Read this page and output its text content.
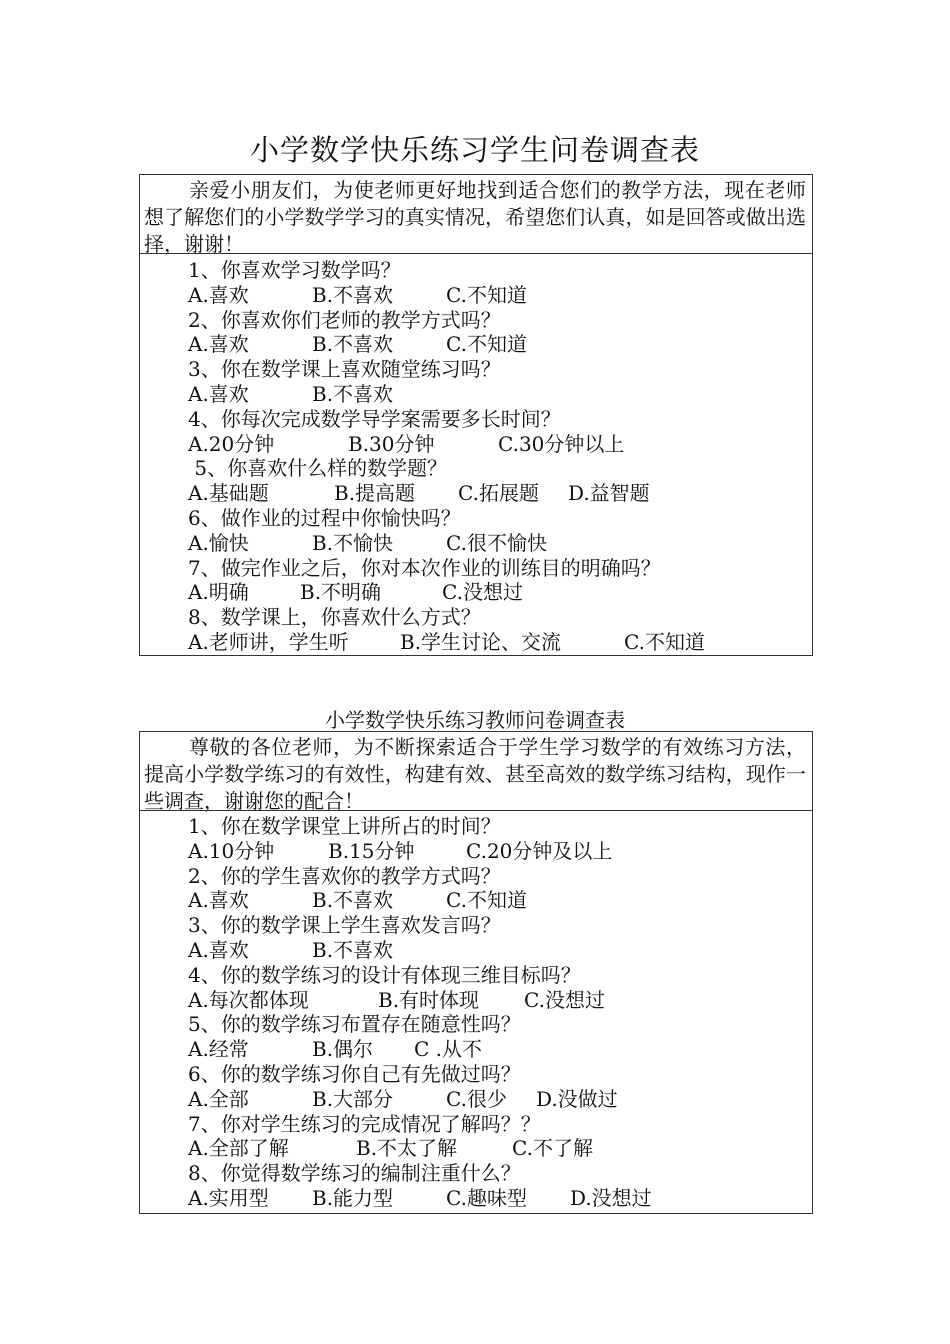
小学数学快乐练习学生问卷调查表
亲爱小朋友们，为使老师更好地找到适合您们的教学方法，现在老师想了解您们的小学数学学习的真实情况，希望您们认真，如是回答或做出选择，谢谢！
1、你喜欢学习数学吗？
A.喜欢	B.不喜欢	C.不知道
2、你喜欢你们老师的教学方式吗？
A.喜欢	B.不喜欢	C.不知道
3、你在数学课上喜欢随堂练习吗？
A.喜欢	B.不喜欢
4、你每次完成数学导学案需要多长时间？
A.20分钟	B.30分钟	C.30分钟以上
5、你喜欢什么样的数学题？
A.基础题	B.提高题 C.拓展题 D.益智题
6、做作业的过程中你愉快吗？
A.愉快	B.不愉快	C.很不愉快
7、做完作业之后，你对本次作业的训练目的明确吗？
A.明确	B.不明确	C.没想过
8、数学课上，你喜欢什么方式？
A.老师讲，学生听	B.学生讨论、交流	C.不知道
小学数学快乐练习教师问卷调查表
尊敬的各位老师，为不断探索适合于学生学习数学的有效练习方法，提高小学数学练习的有效性，构建有效、甚至高效的数学练习结构，现作一些调查，谢谢您的配合！
1、你在数学课堂上讲所占的时间？
A.10分钟	B.15分钟	C.20分钟及以上
2、你的学生喜欢你的教学方式吗？
A.喜欢	B.不喜欢	C.不知道
3、你的数学课上学生喜欢发言吗？
A.喜欢	B.不喜欢
4、你的数学练习的设计有体现三维目标吗？
A.每次都体现	B.有时体现 C.没想过
5、你的数学练习布置存在随意性吗？
A.经常	B.偶尔 C .从不
6、你的数学练习你自己有先做过吗？
A.全部	B.大部分	C.很少 D.没做过
7、你对学生练习的完成情况了解吗？？
A.全部了解	B.不太了解	C.不了解
8、你觉得数学练习的编制注重什么？
A.实用型 B.能力型	C.趣味型 D.没想过
